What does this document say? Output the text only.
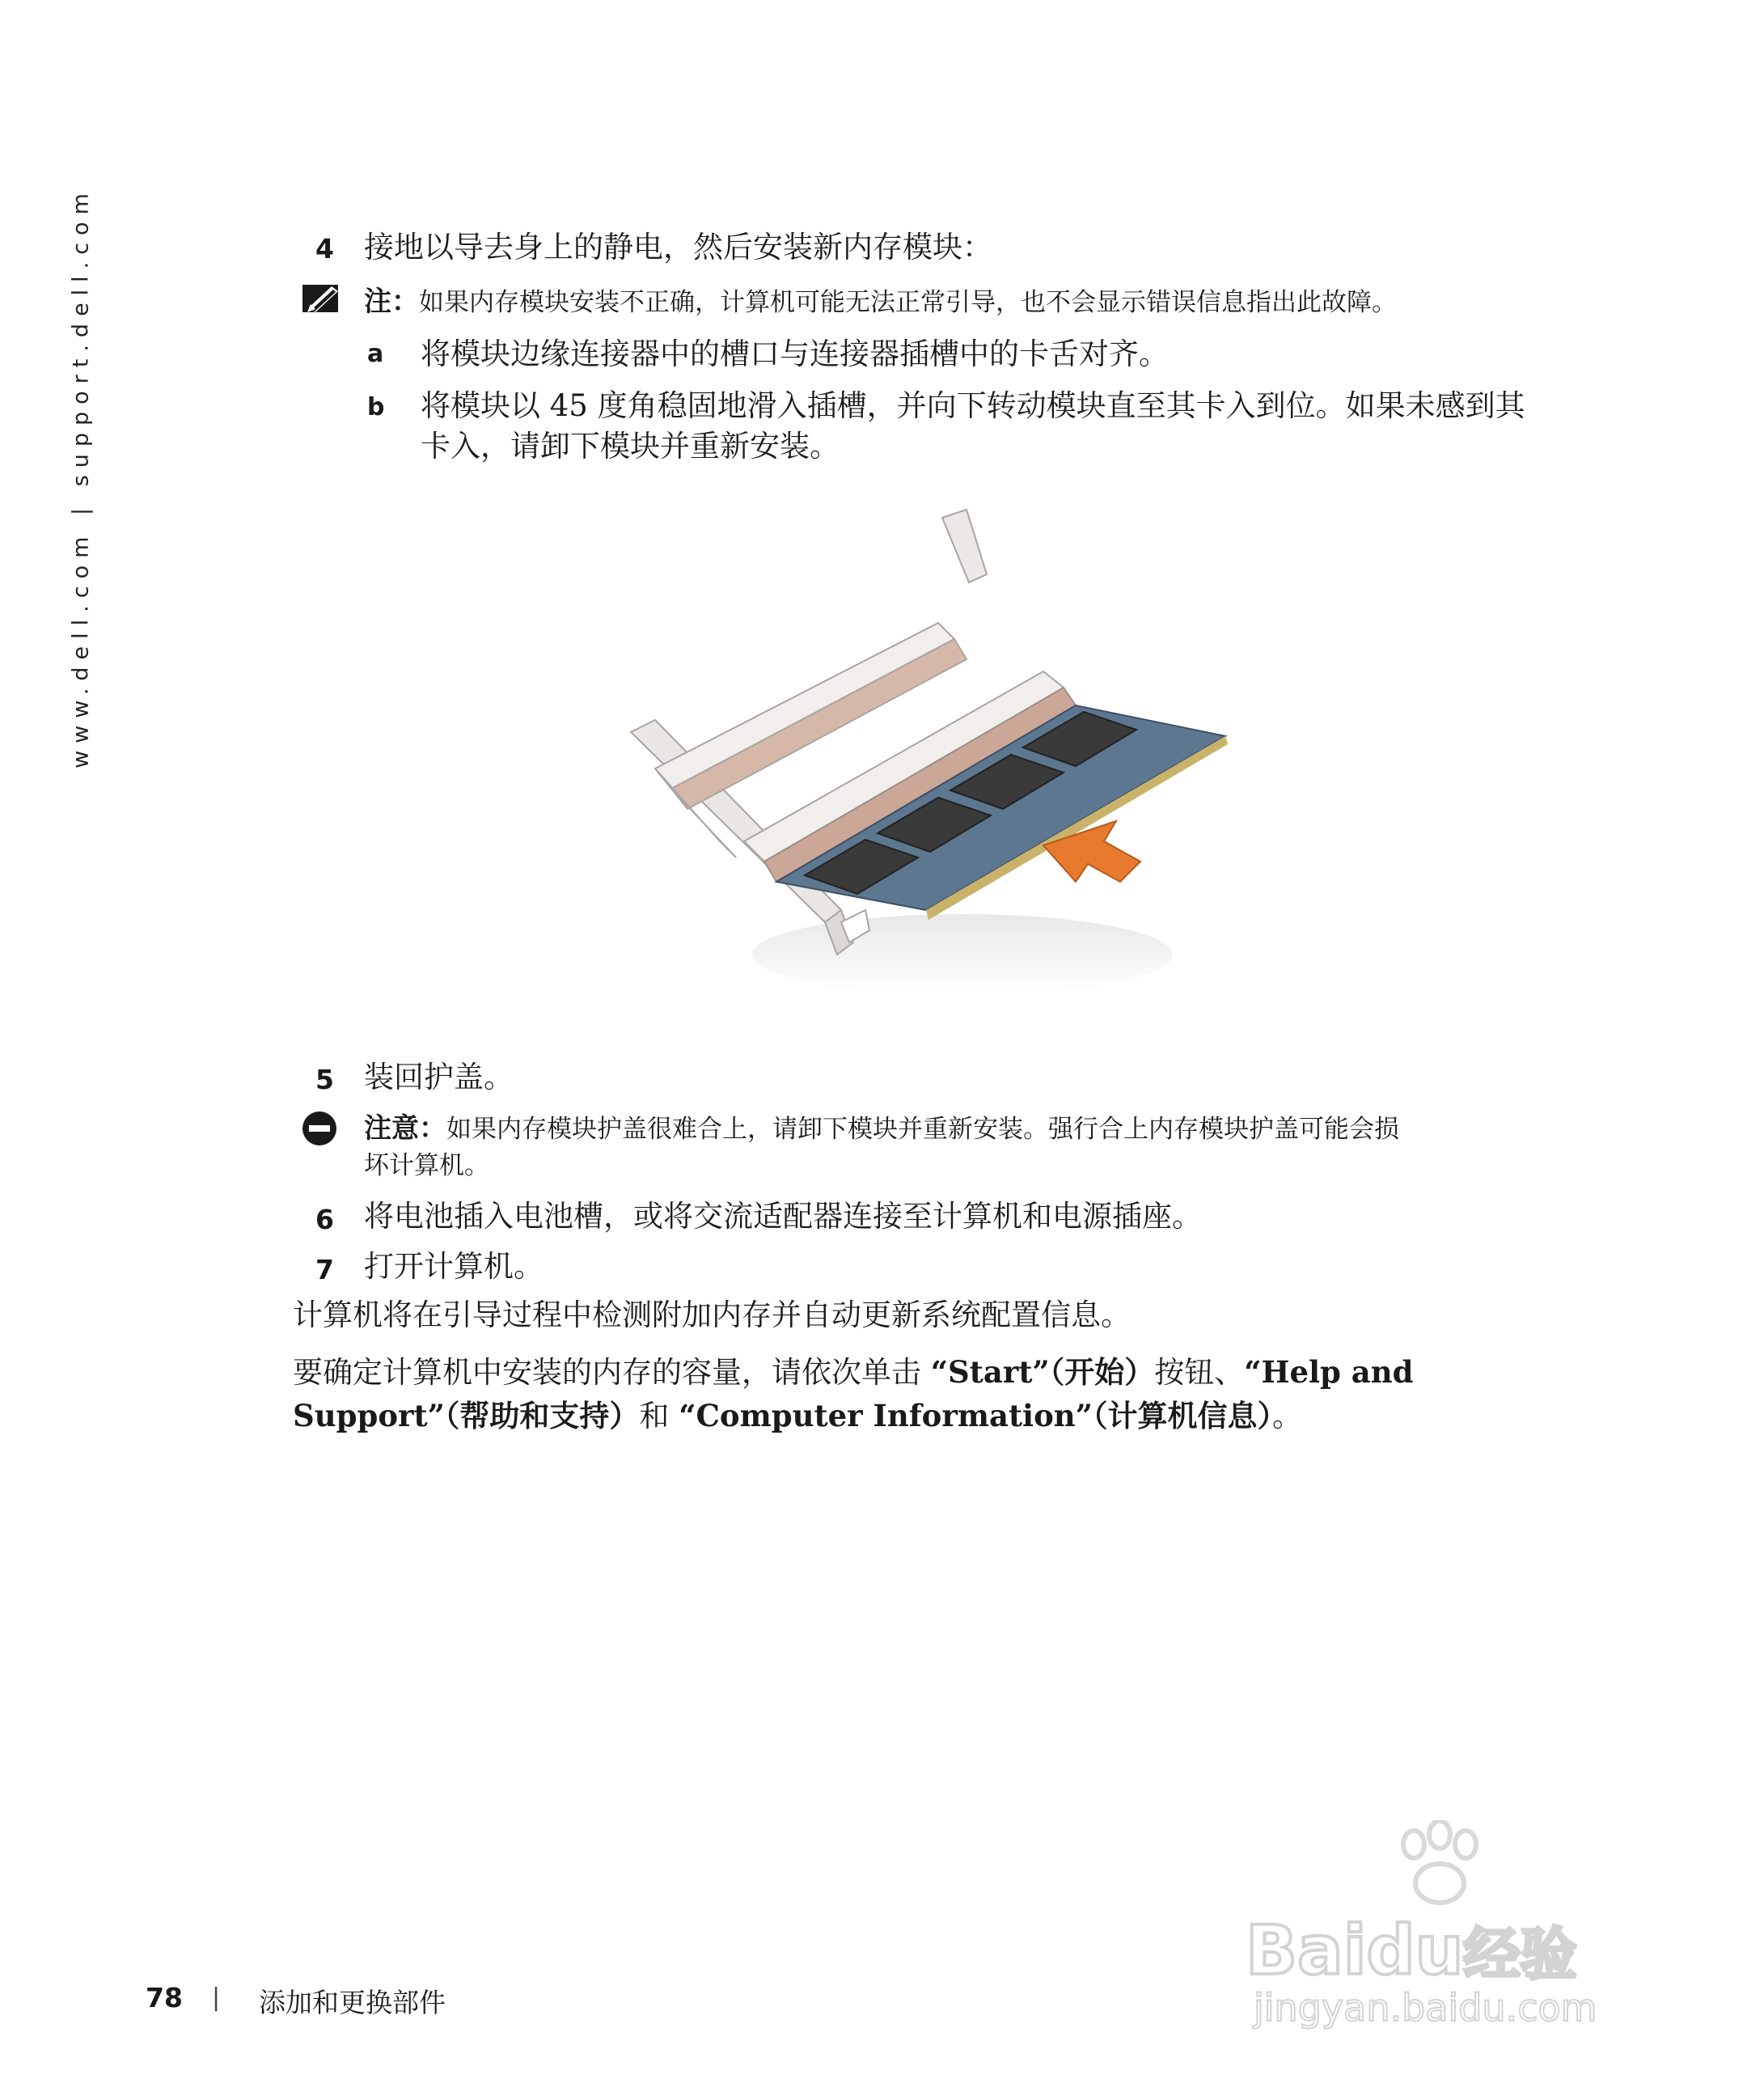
www.dell.com | support.dell.com	4 接地以导去身上的静电，然后安装新内存模块：
注：如果内存模块安装不正确，计算机可能无法正常引导，也不会显示错误信息指出此故障。
a 将模块边缘连接器中的槽口与连接器插槽中的卡舌对齐。
b 将模块以 45 度角稳固地滑入插槽，并向下转动模块直至其卡入到位。如果未感到其
卡入，请卸下模块并重新安装。
5 装回护盖。
注意：如果内存模块护盖很难合上，请卸下模块并重新安装。强行合上内存模块护盖可能会损
坏计算机。
6 将电池插入电池槽，或将交流适配器连接至计算机和电源插座。
7 打开计算机。
计算机将在引导过程中检测附加内存并自动更新系统配置信息。
要确定计算机中安装的内存的容量，请依次单击 “Start”（开始）按钮、“Help and
Support”（帮助和支持）和 “Computer Information”（计算机信息）。
Baidu经验
jingyan.baidu.com
78 | 添加和更换部件
